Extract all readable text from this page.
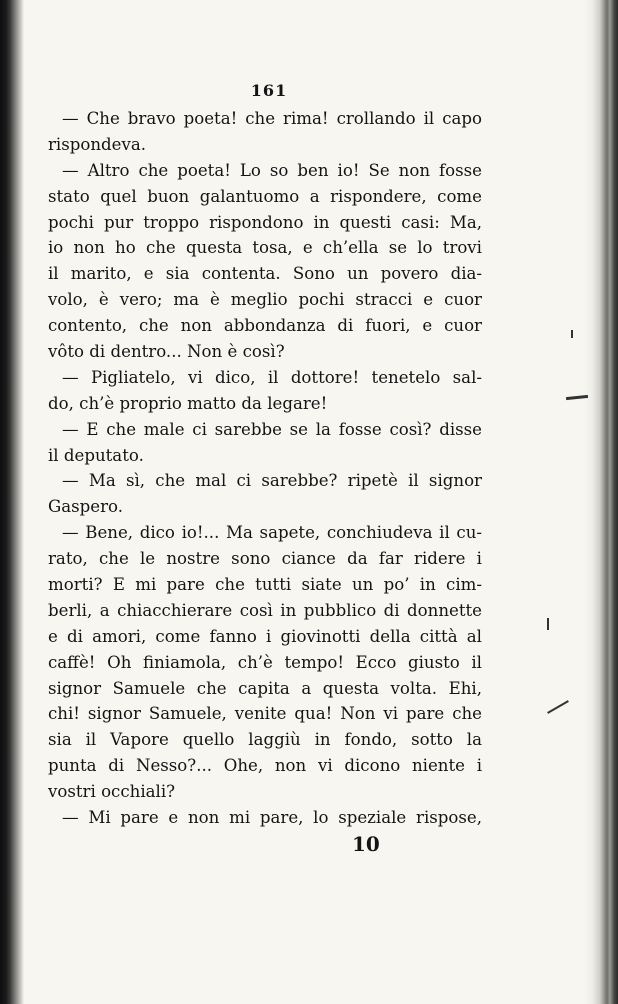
161
— Che bravo poeta! che rima! crollando il capo
rispondeva.
— Altro che poeta! Lo so ben io! Se non fosse
stato quel buon galantuomo a rispondere, come
pochi pur troppo rispondono in questi casi: Ma,
io non ho che questa tosa, e ch’ella se lo trovi
il marito, e sia contenta. Sono un povero dia-
volo, è vero; ma è meglio pochi stracci e cuor
contento, che non abbondanza di fuori, e cuor
vôto di dentro... Non è così?
— Pigliatelo, vi dico, il dottore! tenetelo sal-
do, ch’è proprio matto da legare!
— E che male ci sarebbe se la fosse così? disse
il deputato.
— Ma sì, che mal ci sarebbe? ripetè il signor
Gaspero.
— Bene, dico io!... Ma sapete, conchiudeva il cu-
rato, che le nostre sono ciance da far ridere i
morti? E mi pare che tutti siate un po’ in cim-
berli, a chiacchierare così in pubblico di donnette
e di amori, come fanno i giovinotti della città al
caffè! Oh finiamola, ch’è tempo! Ecco giusto il
signor Samuele che capita a questa volta. Ehi,
chi! signor Samuele, venite qua! Non vi pare che
sia il Vapore quello laggiù in fondo, sotto la
punta di Nesso?... Ohe, non vi dicono niente i
vostri occhiali?
— Mi pare e non mi pare, lo speziale rispose,
10
